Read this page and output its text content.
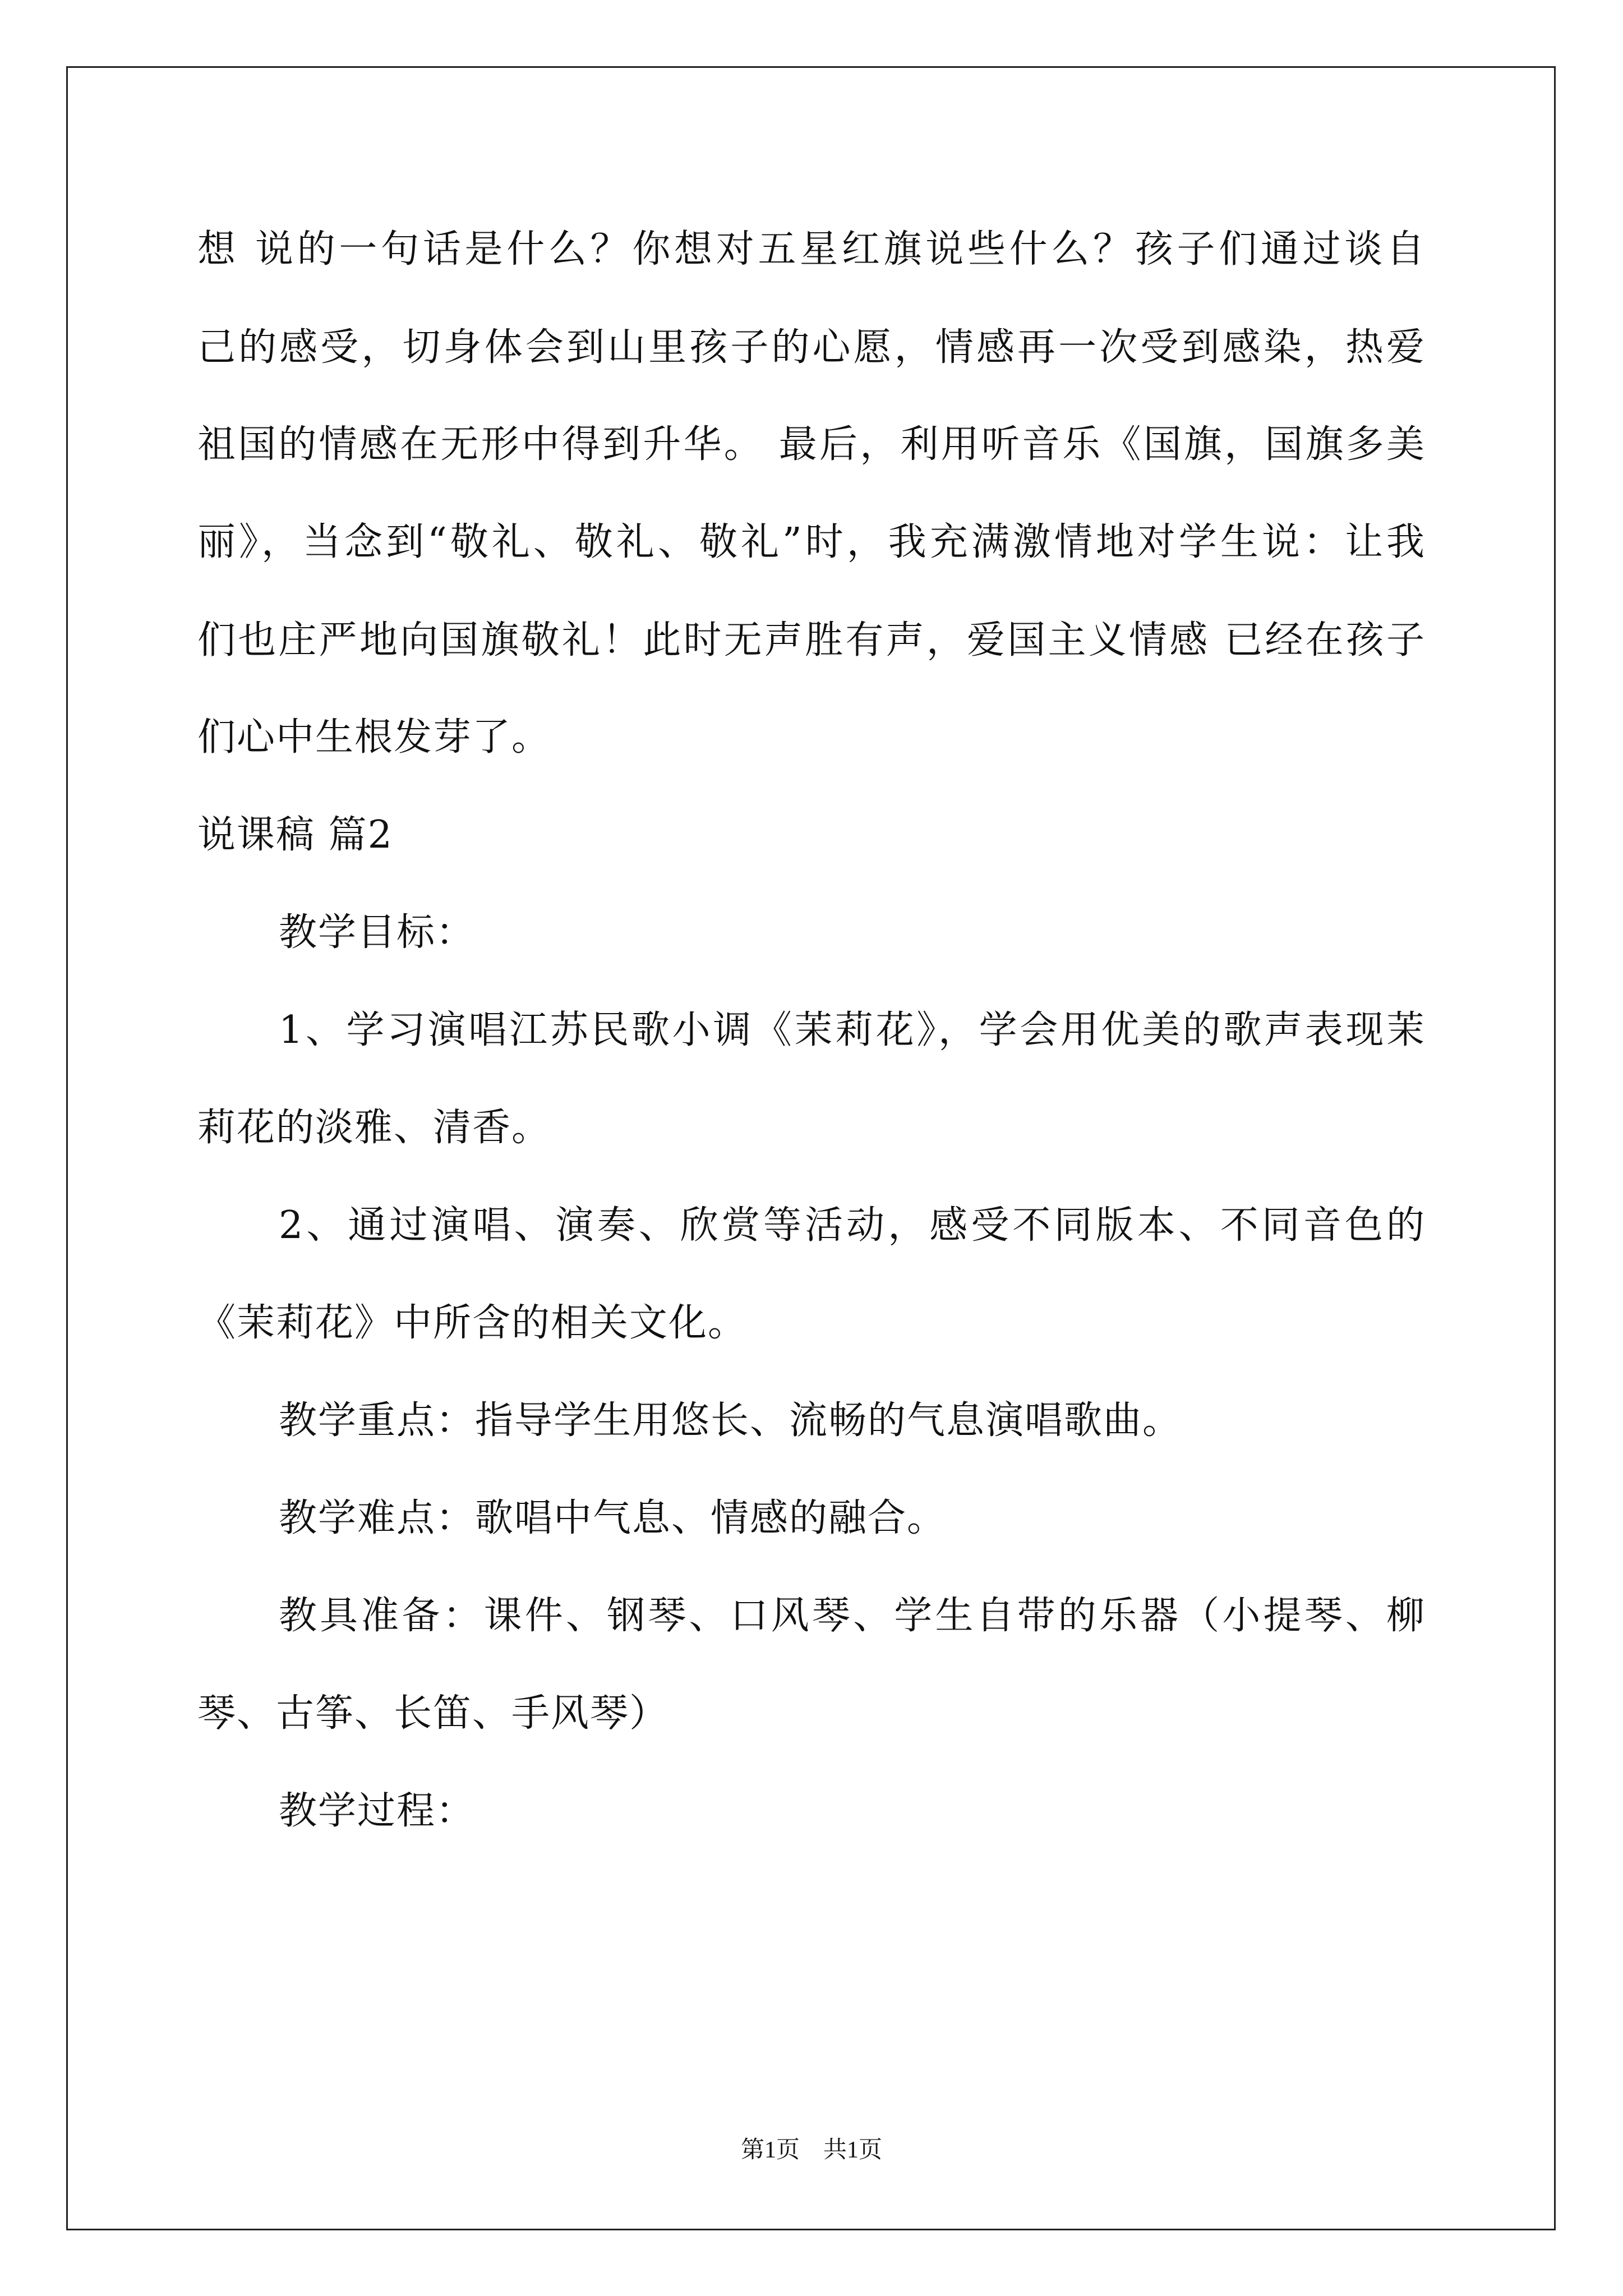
想 说的一句话是什么？你想对五星红旗说些什么？孩子们通过谈自
己的感受，切身体会到山里孩子的心愿，情感再一次受到感染，热爱
祖国的情感在无形中得到升华。 最后，利用听音乐《国旗，国旗多美
丽》，当念到“敬礼、敬礼、敬礼”时，我充满激情地对学生说：让我
们也庄严地向国旗敬礼！此时无声胜有声，爱国主义情感 已经在孩子
们心中生根发芽了。
说课稿 篇2
教学目标：
1、学习演唱江苏民歌小调《茉莉花》，学会用优美的歌声表现茉
莉花的淡雅、清香。
2、通过演唱、演奏、欣赏等活动，感受不同版本、不同音色的
《茉莉花》中所含的相关文化。
教学重点：指导学生用悠长、流畅的气息演唱歌曲。
教学难点：歌唱中气息、情感的融合。
教具准备：课件、钢琴、口风琴、学生自带的乐器（小提琴、柳
琴、古筝、长笛、手风琴）
教学过程：
第1页　共1页
